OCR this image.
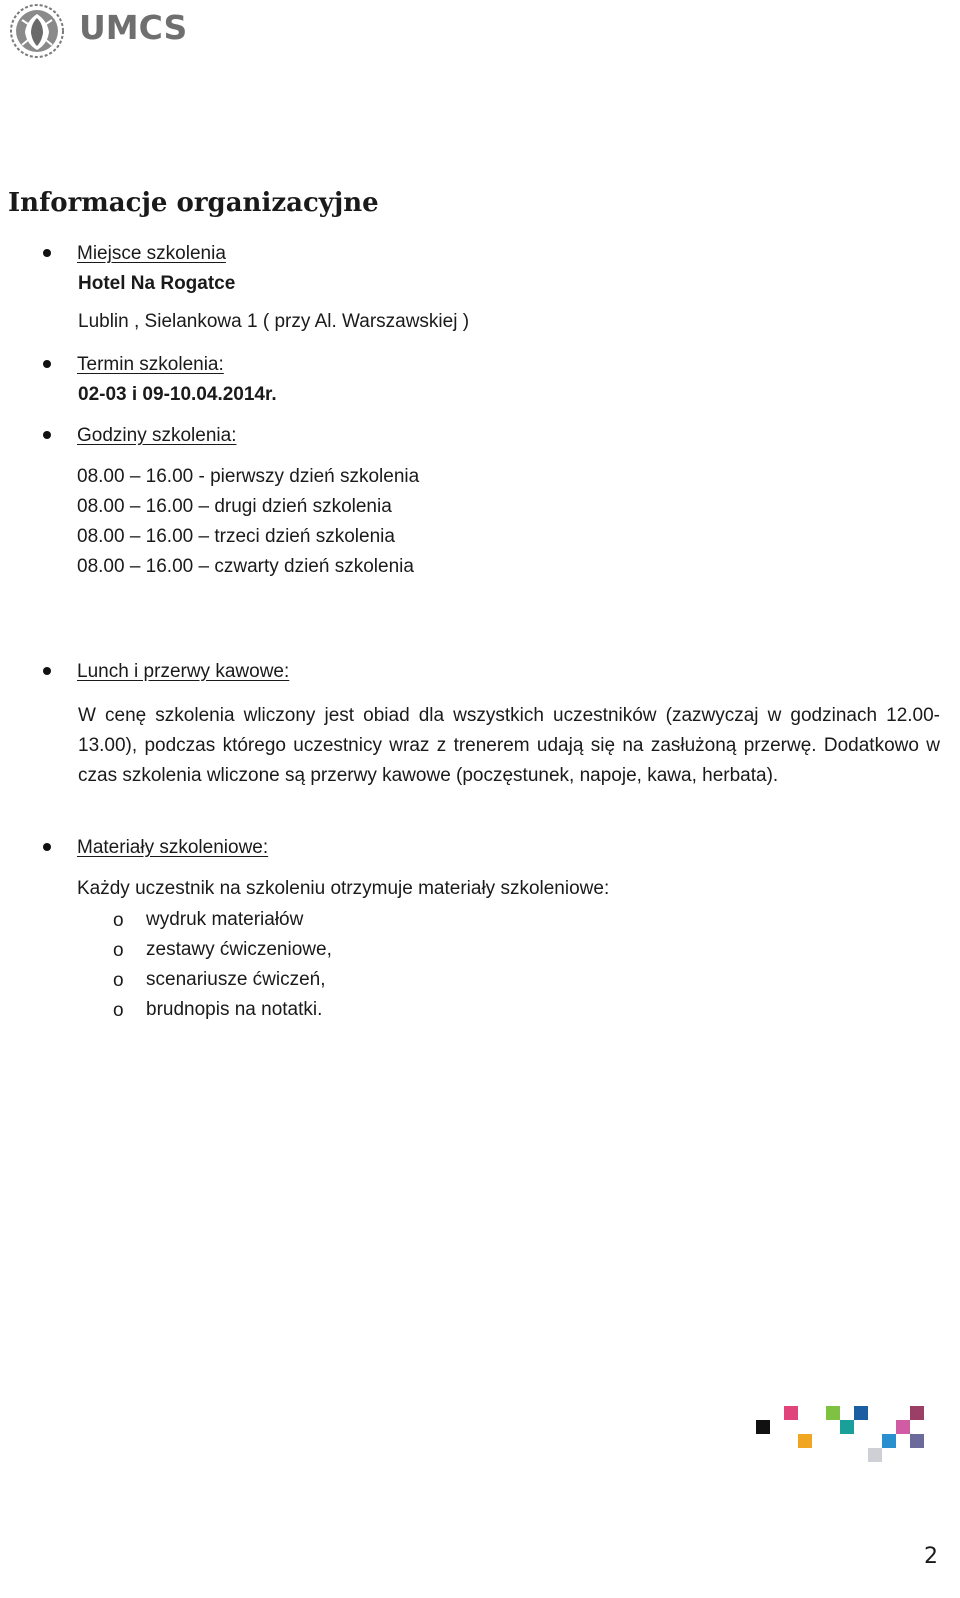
UMCS
Informacje organizacyjne

Miejsce szkolenia

Hotel Na Rogatce

Lublin , Sielankowa 1 ( przy Al. Warszawskiej )

Termin szkolenia:

02-03 i 09-10.04.2014r.

Godziny szkolenia:

08.00 – 16.00 - pierwszy dzień szkolenia

08.00 – 16.00 – drugi dzień szkolenia

08.00 – 16.00 – trzeci dzień szkolenia

08.00 – 16.00 – czwarty dzień szkolenia

Lunch i przerwy kawowe:

W cenę szkolenia wliczony jest obiad dla wszystkich uczestników (zazwyczaj w godzinach 12.00-13.00), podczas którego uczestnicy wraz z trenerem udają się na zasłużoną przerwę. Dodatkowo w czas szkolenia wliczone są przerwy kawowe (poczęstunek, napoje, kawa, herbata).

Materiały szkoleniowe:

Każdy uczestnik na szkoleniu otrzymuje materiały szkoleniowe:

o wydruk materiałów

o zestawy ćwiczeniowe,

o scenariusze ćwiczeń,

o brudnopis na notatki.

2
